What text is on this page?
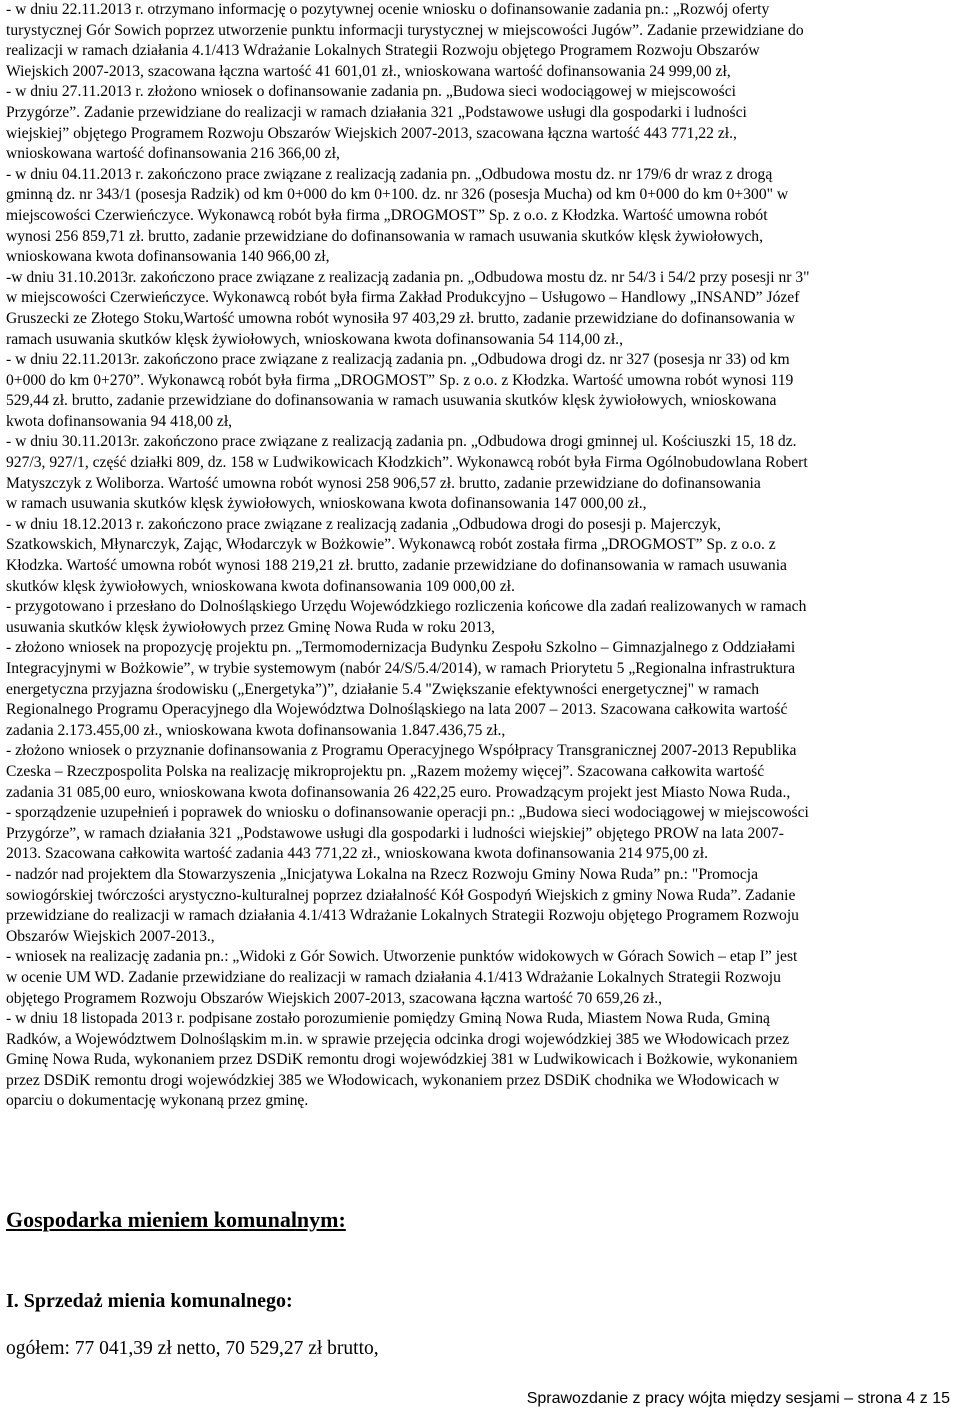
- w dniu 22.11.2013 r. otrzymano informację o pozytywnej ocenie wniosku o dofinansowanie zadania pn.: „Rozwój oferty
turystycznej Gór Sowich poprzez utworzenie punktu informacji turystycznej w miejscowości Jugów”. Zadanie przewidziane do
realizacji w ramach działania 4.1/413 Wdrażanie Lokalnych Strategii Rozwoju objętego Programem Rozwoju Obszarów
Wiejskich 2007-2013, szacowana łączna wartość 41 601,01 zł., wnioskowana wartość dofinansowania 24 999,00 zł,
- w dniu 27.11.2013 r. złożono wniosek o dofinansowanie zadania pn. „Budowa sieci wodociągowej w miejscowości
Przygórze”. Zadanie przewidziane do realizacji w ramach działania 321 „Podstawowe usługi dla gospodarki i ludności
wiejskiej” objętego Programem Rozwoju Obszarów Wiejskich 2007-2013, szacowana łączna wartość 443 771,22 zł.,
wnioskowana wartość dofinansowania 216 366,00 zł,
- w dniu 04.11.2013 r. zakończono prace związane z realizacją zadania pn. „Odbudowa mostu dz. nr 179/6 dr wraz z drogą
gminną dz. nr 343/1 (posesja Radzik) od km 0+000 do km 0+100. dz. nr 326 (posesja Mucha) od km 0+000 do km 0+300" w
miejscowości Czerwieńczyce. Wykonawcą robót była firma „DROGMOST” Sp. z o.o. z Kłodzka. Wartość umowna robót
wynosi 256 859,71 zł. brutto, zadanie przewidziane do dofinansowania w ramach usuwania skutków klęsk żywiołowych,
wnioskowana kwota dofinansowania 140 966,00 zł,
-w dniu 31.10.2013r. zakończono prace związane z realizacją zadania pn. „Odbudowa mostu dz. nr 54/3 i 54/2 przy posesji nr 3"
w miejscowości Czerwieńczyce. Wykonawcą robót była firma Zakład Produkcyjno – Usługowo – Handlowy „INSAND” Józef
Gruszecki ze Złotego Stoku,Wartość umowna robót wynosiła 97 403,29 zł. brutto, zadanie przewidziane do dofinansowania w
ramach usuwania skutków klęsk żywiołowych, wnioskowana kwota dofinansowania 54 114,00 zł.,
- w dniu 22.11.2013r. zakończono prace związane z realizacją zadania pn. „Odbudowa drogi dz. nr 327 (posesja nr 33) od km
0+000 do km 0+270”. Wykonawcą robót była firma „DROGMOST” Sp. z o.o. z Kłodzka. Wartość umowna robót wynosi 119
529,44 zł. brutto, zadanie przewidziane do dofinansowania w ramach usuwania skutków klęsk żywiołowych, wnioskowana
kwota dofinansowania 94 418,00 zł,
- w dniu 30.11.2013r. zakończono prace związane z realizacją zadania pn. „Odbudowa drogi gminnej ul. Kościuszki 15, 18 dz.
927/3, 927/1, część działki 809, dz. 158 w Ludwikowicach Kłodzkich”. Wykonawcą robót była Firma Ogólnobudowlana Robert
Matyszczyk z Woliborza. Wartość umowna robót wynosi 258 906,57 zł. brutto, zadanie przewidziane do dofinansowania
w ramach usuwania skutków klęsk żywiołowych, wnioskowana kwota dofinansowania 147 000,00 zł.,
- w dniu 18.12.2013 r. zakończono prace związane z realizacją zadania „Odbudowa drogi do posesji p. Majerczyk,
Szatkowskich, Młynarczyk, Zając, Włodarczyk w Bożkowie”. Wykonawcą robót została firma „DROGMOST” Sp. z o.o. z
Kłodzka. Wartość umowna robót wynosi 188 219,21 zł. brutto, zadanie przewidziane do dofinansowania w ramach usuwania
skutków klęsk żywiołowych, wnioskowana kwota dofinansowania 109 000,00 zł.
- przygotowano i przesłano do Dolnośląskiego Urzędu Wojewódzkiego rozliczenia końcowe dla zadań realizowanych w ramach
usuwania skutków klęsk żywiołowych przez Gminę Nowa Ruda w roku 2013,
- złożono wniosek na propozycję projektu pn. „Termomodernizacja Budynku Zespołu Szkolno – Gimnazjalnego z Oddziałami
Integracyjnymi w Bożkowie”, w trybie systemowym (nabór 24/S/5.4/2014), w ramach Priorytetu 5 „Regionalna infrastruktura
energetyczna przyjazna środowisku („Energetyka”)”, działanie 5.4 "Zwiększanie efektywności energetycznej" w ramach
Regionalnego Programu Operacyjnego dla Województwa Dolnośląskiego na lata 2007 – 2013. Szacowana całkowita wartość
zadania 2.173.455,00 zł., wnioskowana kwota dofinansowania 1.847.436,75 zł.,
- złożono wniosek o przyznanie dofinansowania z Programu Operacyjnego Współpracy Transgranicznej 2007-2013 Republika
Czeska – Rzeczpospolita Polska na realizację mikroprojektu pn. „Razem możemy więcej”. Szacowana całkowita wartość
zadania 31 085,00 euro, wnioskowana kwota dofinansowania 26 422,25 euro. Prowadzącym projekt jest Miasto Nowa Ruda.,
- sporządzenie uzupełnień i poprawek do wniosku o dofinansowanie operacji pn.: „Budowa sieci wodociągowej w miejscowości
Przygórze”, w ramach działania 321 „Podstawowe usługi dla gospodarki i ludności wiejskiej” objętego PROW na lata 2007-
2013. Szacowana całkowita wartość zadania 443 771,22 zł., wnioskowana kwota dofinansowania 214 975,00 zł.
- nadzór nad projektem dla Stowarzyszenia „Inicjatywa Lokalna na Rzecz Rozwoju Gminy Nowa Ruda” pn.: "Promocja
sowiogórskiej twórczości arystyczno-kulturalnej poprzez działalność Kół Gospodyń Wiejskich z gminy Nowa Ruda”. Zadanie
przewidziane do realizacji w ramach działania 4.1/413 Wdrażanie Lokalnych Strategii Rozwoju objętego Programem Rozwoju
Obszarów Wiejskich 2007-2013.,
- wniosek na realizację zadania pn.: „Widoki z Gór Sowich. Utworzenie punktów widokowych w Górach Sowich – etap I” jest
w ocenie UM WD. Zadanie przewidziane do realizacji w ramach działania 4.1/413 Wdrażanie Lokalnych Strategii Rozwoju
objętego Programem Rozwoju Obszarów Wiejskich 2007-2013, szacowana łączna wartość 70 659,26 zł.,
- w dniu 18 listopada 2013 r. podpisane zostało porozumienie pomiędzy Gminą Nowa Ruda, Miastem Nowa Ruda, Gminą
Radków, a Województwem Dolnośląskim m.in. w sprawie przejęcia odcinka drogi wojewódzkiej 385 we Włodowicach przez
Gminę Nowa Ruda, wykonaniem przez DSDiK remontu drogi wojewódzkiej 381 w Ludwikowicach i Bożkowie, wykonaniem
przez DSDiK remontu drogi wojewódzkiej 385 we Włodowicach, wykonaniem przez DSDiK chodnika we Włodowicach w
oparciu o dokumentację wykonaną przez gminę.
Gospodarka mieniem komunalnym:
I. Sprzedaż mienia komunalnego:
ogółem: 77 041,39 zł netto, 70 529,27 zł brutto,
Sprawozdanie z pracy wójta między sesjami – strona 4 z 15
